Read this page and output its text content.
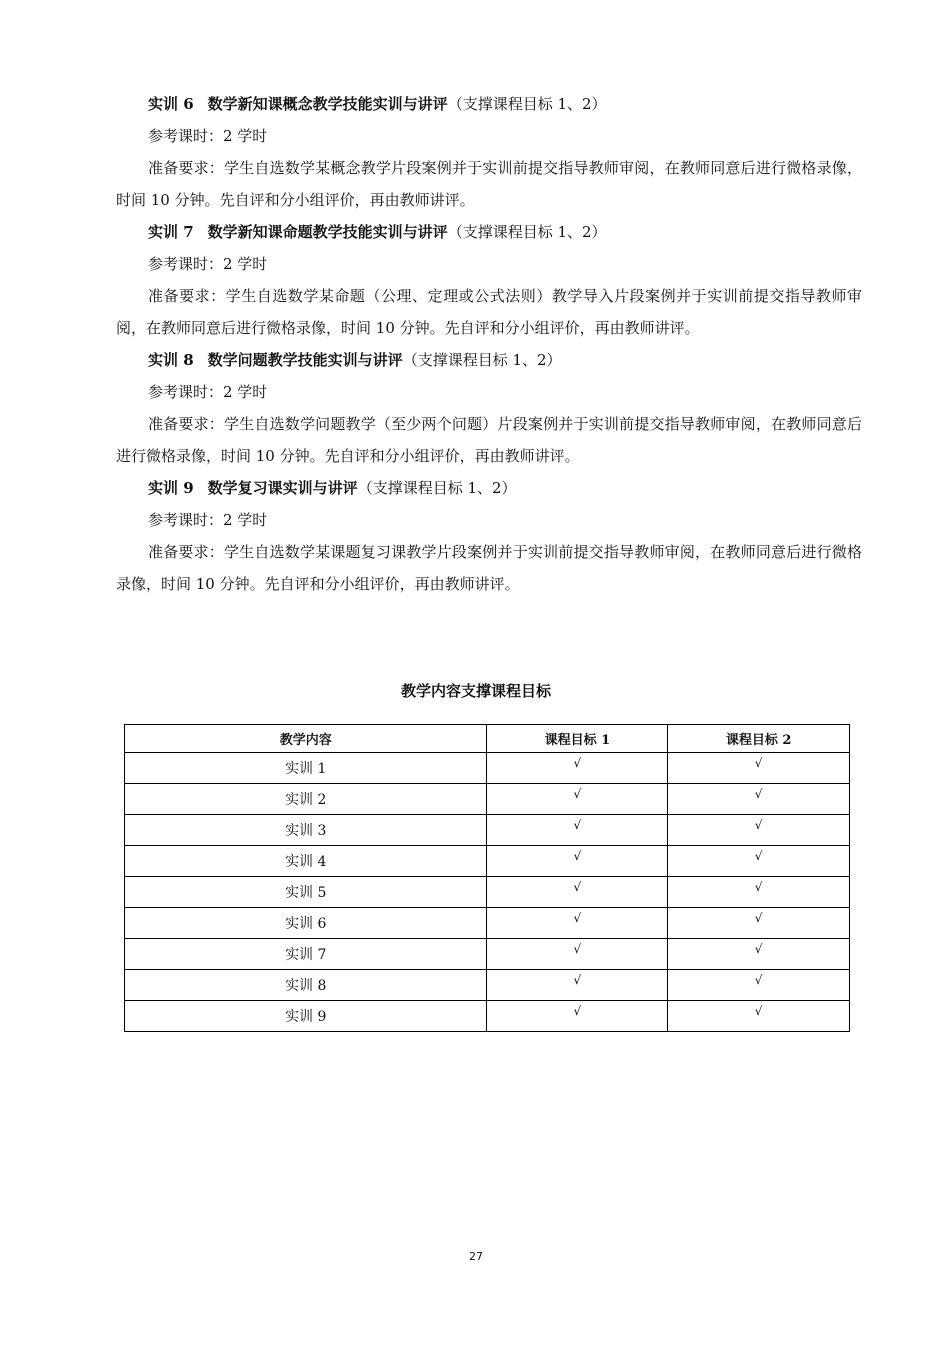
实训 6 数学新知课概念教学技能实训与讲评（支撑课程目标 1、2）

参考课时：2 学时

准备要求：学生自选数学某概念教学片段案例并于实训前提交指导教师审阅，在教师同意后进行微格录像，时间 10 分钟。先自评和分小组评价，再由教师讲评。

实训 7 数学新知课命题教学技能实训与讲评（支撑课程目标 1、2）

参考课时：2 学时

准备要求：学生自选数学某命题（公理、定理或公式法则）教学导入片段案例并于实训前提交指导教师审阅，在教师同意后进行微格录像，时间 10 分钟。先自评和分小组评价，再由教师讲评。

实训 8 数学问题教学技能实训与讲评（支撑课程目标 1、2）

参考课时：2 学时

准备要求：学生自选数学问题教学（至少两个问题）片段案例并于实训前提交指导教师审阅，在教师同意后进行微格录像，时间 10 分钟。先自评和分小组评价，再由教师讲评。

实训 9 数学复习课实训与讲评（支撑课程目标 1、2）

参考课时：2 学时

准备要求：学生自选数学某课题复习课教学片段案例并于实训前提交指导教师审阅，在教师同意后进行微格录像，时间 10 分钟。先自评和分小组评价，再由教师讲评。

教学内容支撑课程目标
教学内容	课程目标 1	课程目标 2
实训 1	√	√
实训 2	√	√
实训 3	√	√
实训 4	√	√
实训 5	√	√
实训 6	√	√
实训 7	√	√
实训 8	√	√
实训 9	√	√
27
